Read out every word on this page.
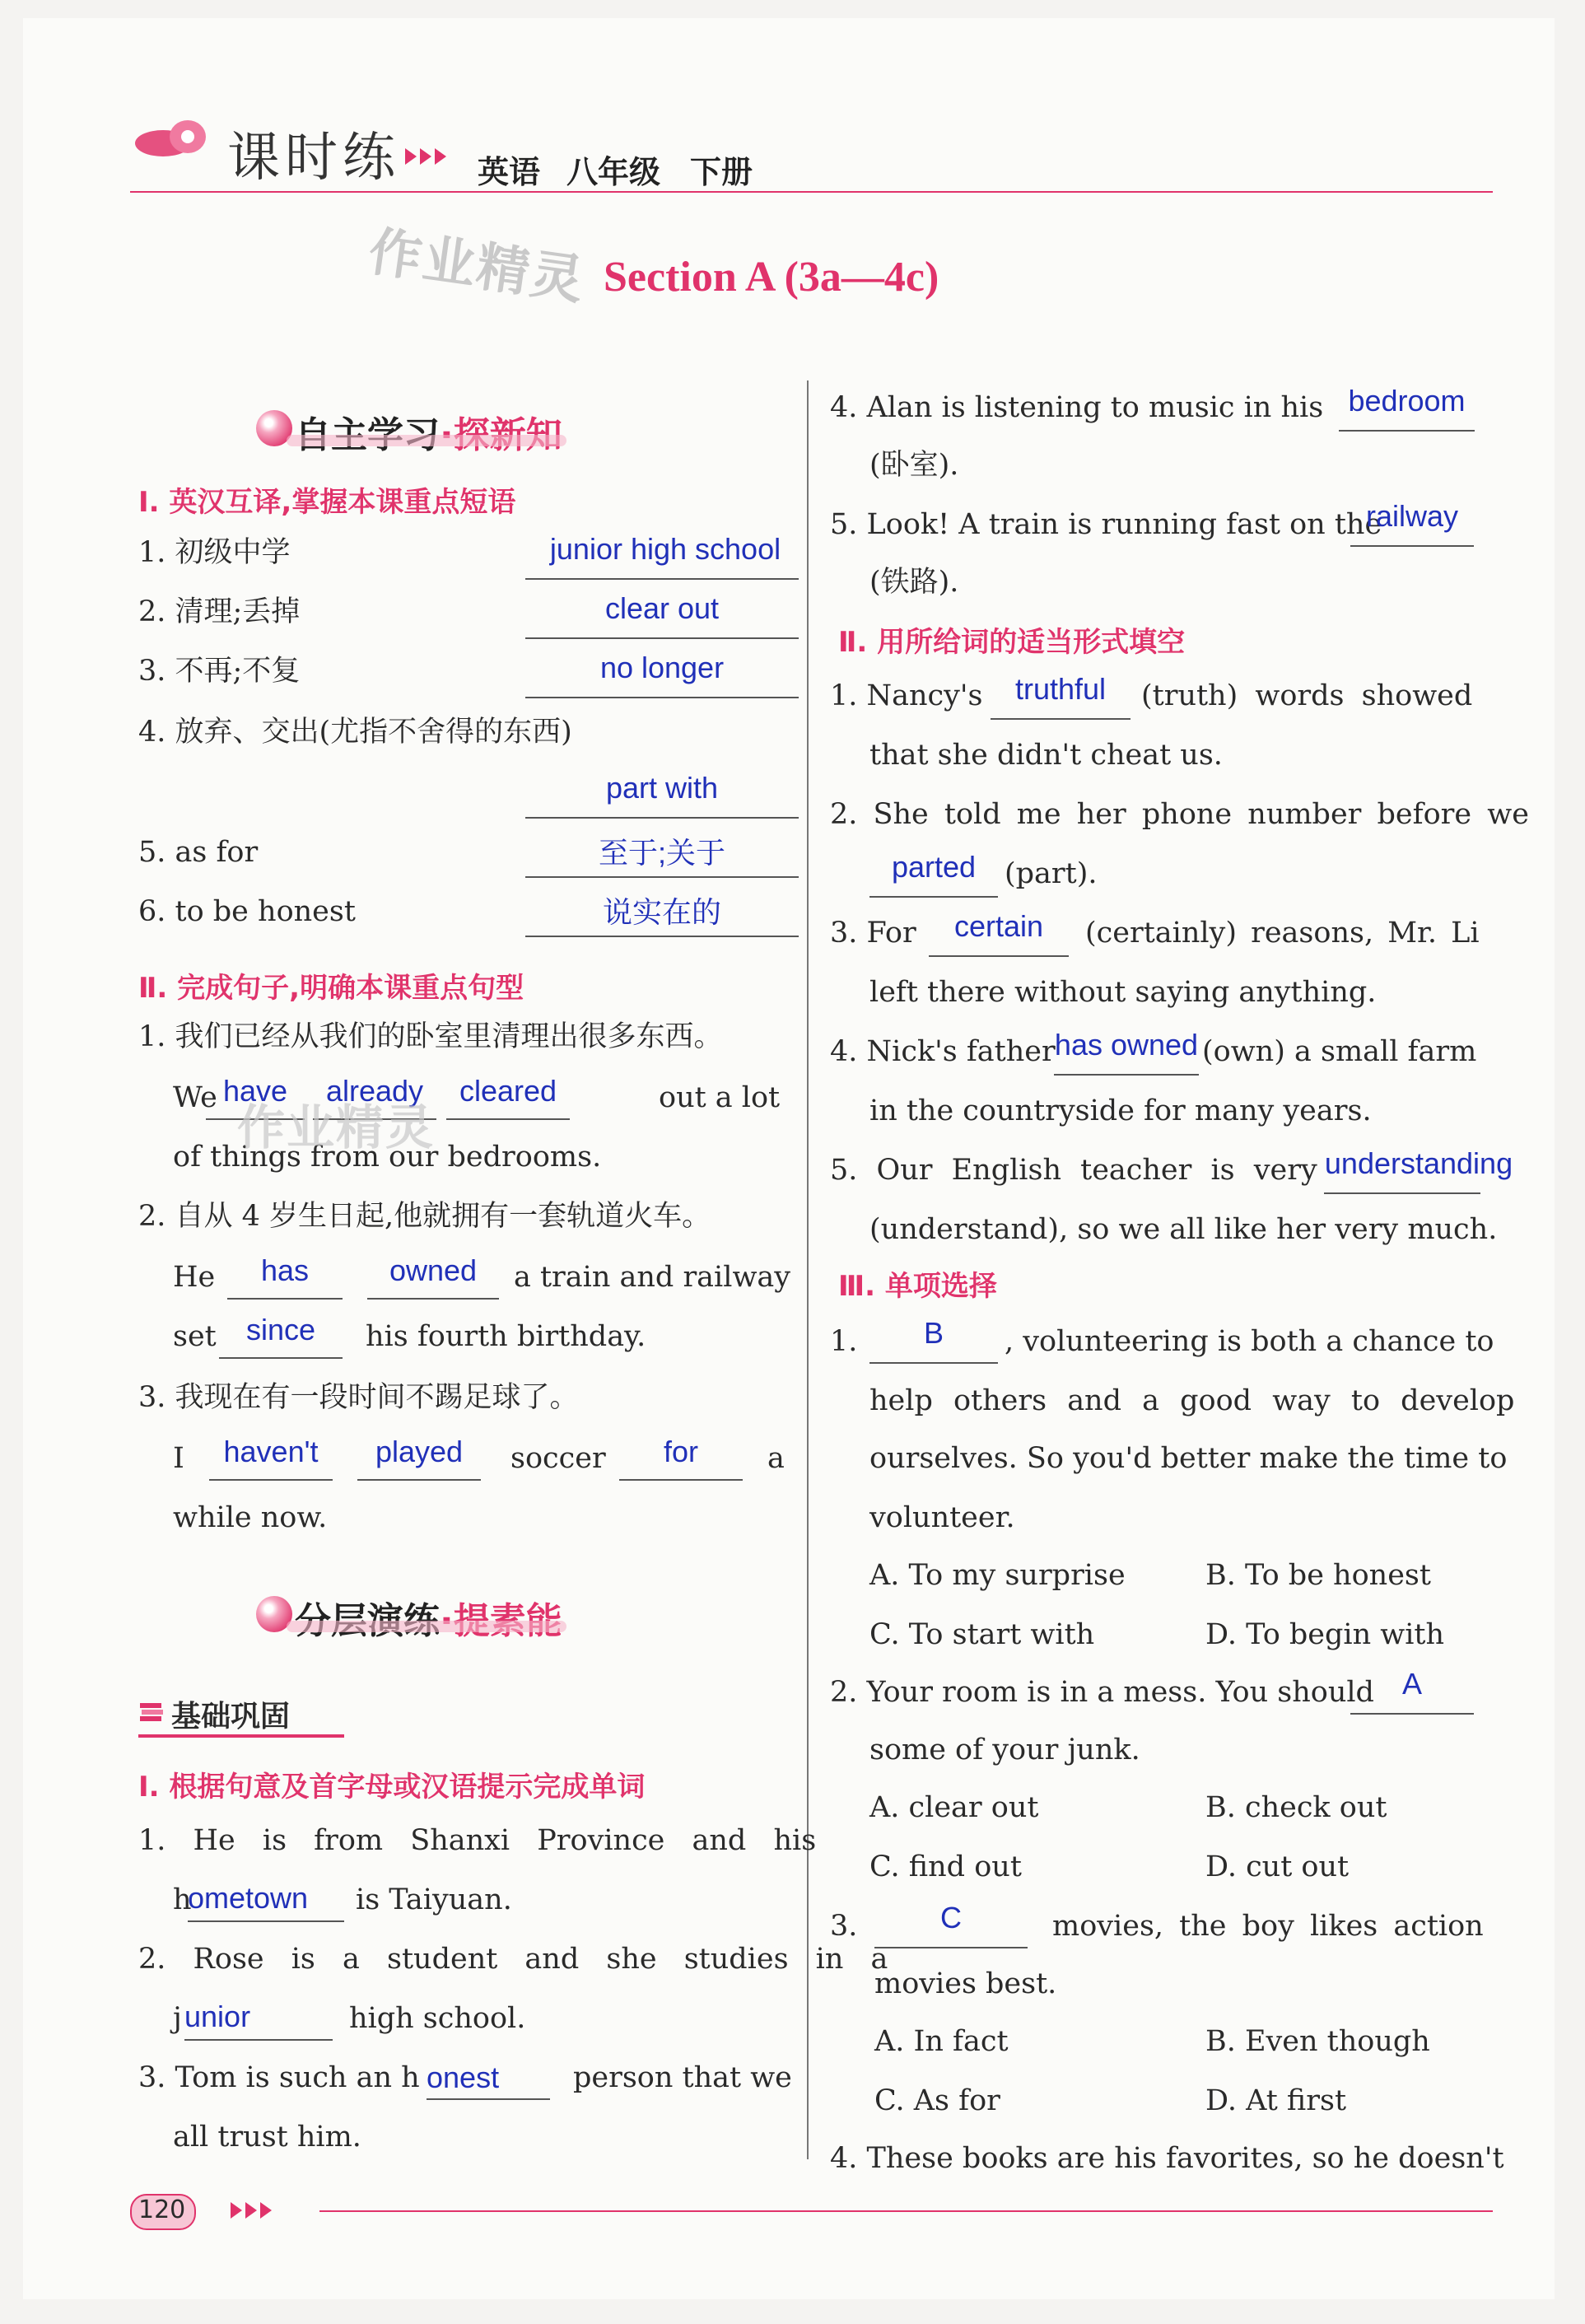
课时练 英语 八年级 下册
作业精灵 Section A (3a—4c)
Ⅰ. 英汉互译,掌握本课重点短语
1. 初级中学	junior high school
2. 清理;丢掉	clear out
3. 不再;不复	no longer
4. 放弃、交出(尤指不舍得的东西)
part with
5. as for	至于;关于
6. to be honest	说实在的
Ⅱ. 完成句子,明确本课重点句型
1. 我们已经从我们的卧室里清理出很多东西。
We have	already	cleared	out a lot
of things from our bedrooms.
作业精灵
2. 自从 4 岁生日起,他就拥有一套轨道火车。
He	has	owned	a train and railway
set	since	his fourth birthday.
3. 我现在有一段时间不踢足球了。
I	haven't	played	soccer	for	a
while now.
基础巩固
Ⅰ. 根据句意及首字母或汉语提示完成单词
1. He is from Shanxi Province and his
h
ometown is Taiyuan.
2. Rose is a student and she studies in a
j unior	high school.
3. Tom is such an h onest	person that we
all trust him.
4. Alan is listening to music in his bedroom
(卧室).
5. Look! A train is running fast on the
railway
(铁路).
Ⅱ. 用所给词的适当形式填空
1. Nancy's	truthful	(truth) words showed
that she didn't cheat us.
2. She told me her phone number before we
parted (part).
3. For	certain	(certainly) reasons, Mr. Li
left there without saying anything.
4. Nick's father has owned (own) a small farm
in the countryside for many years.
5. Our English teacher is very understanding
(understand), so we all like her very much.
Ⅲ. 单项选择
1.	B	, volunteering is both a chance to
help others and a good way to develop
ourselves. So you'd better make the time to
volunteer.
A. To my surprise	B. To be honest
C. To start with	D. To begin with
2. Your room is in a mess. You should A
some of your junk.
A. clear out	B. check out
C. find out	D. cut out
3.	C	movies, the boy likes action
movies best.
A. In fact	B. Even though
C. As for	D. At first
4. These books are his favorites, so he doesn't
120
